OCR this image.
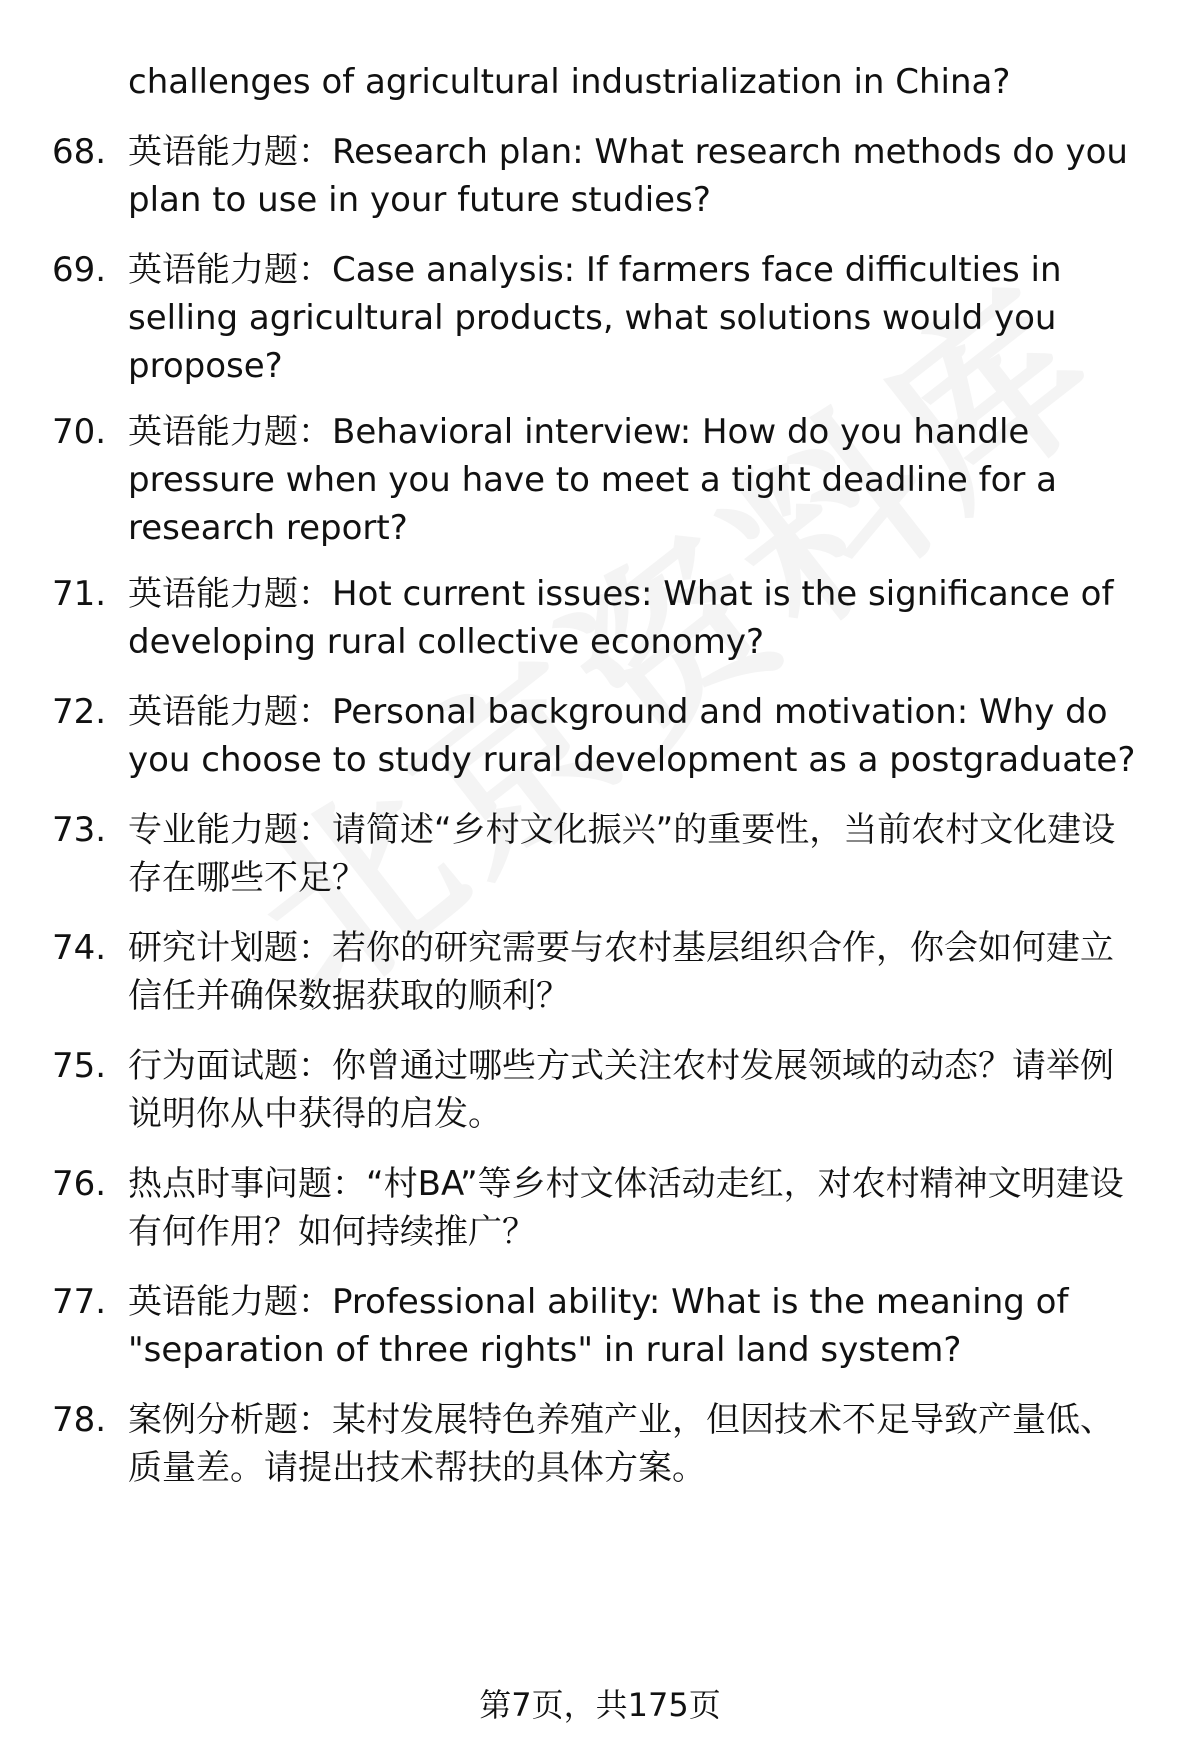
challenges of agricultural industrialization in China?
68. 英语能力题：Research plan: What research methods do you plan to use in your future studies?
69. 英语能力题：Case analysis: If farmers face difficulties in selling agricultural products, what solutions would you propose?
70. 英语能力题：Behavioral interview: How do you handle pressure when you have to meet a tight deadline for a research report?
71. 英语能力题：Hot current issues: What is the significance of developing rural collective economy?
72. 英语能力题：Personal background and motivation: Why do you choose to study rural development as a postgraduate?
73. 专业能力题：请简述“乡村文化振兴”的重要性，当前农村文化建设存在哪些不足？
74. 研究计划题：若你的研究需要与农村基层组织合作，你会如何建立信任并确保数据获取的顺利？
75. 行为面试题：你曾通过哪些方式关注农村发展领域的动态？请举例说明你从中获得的启发。
76. 热点时事问题：“村BA”等乡村文体活动走红，对农村精神文明建设有何作用？如何持续推广？
77. 英语能力题：Professional ability: What is the meaning of "separation of three rights" in rural land system?
78. 案例分析题：某村发展特色养殖产业，但因技术不足导致产量低、质量差。请提出技术帮扶的具体方案。
第7页，共175页
